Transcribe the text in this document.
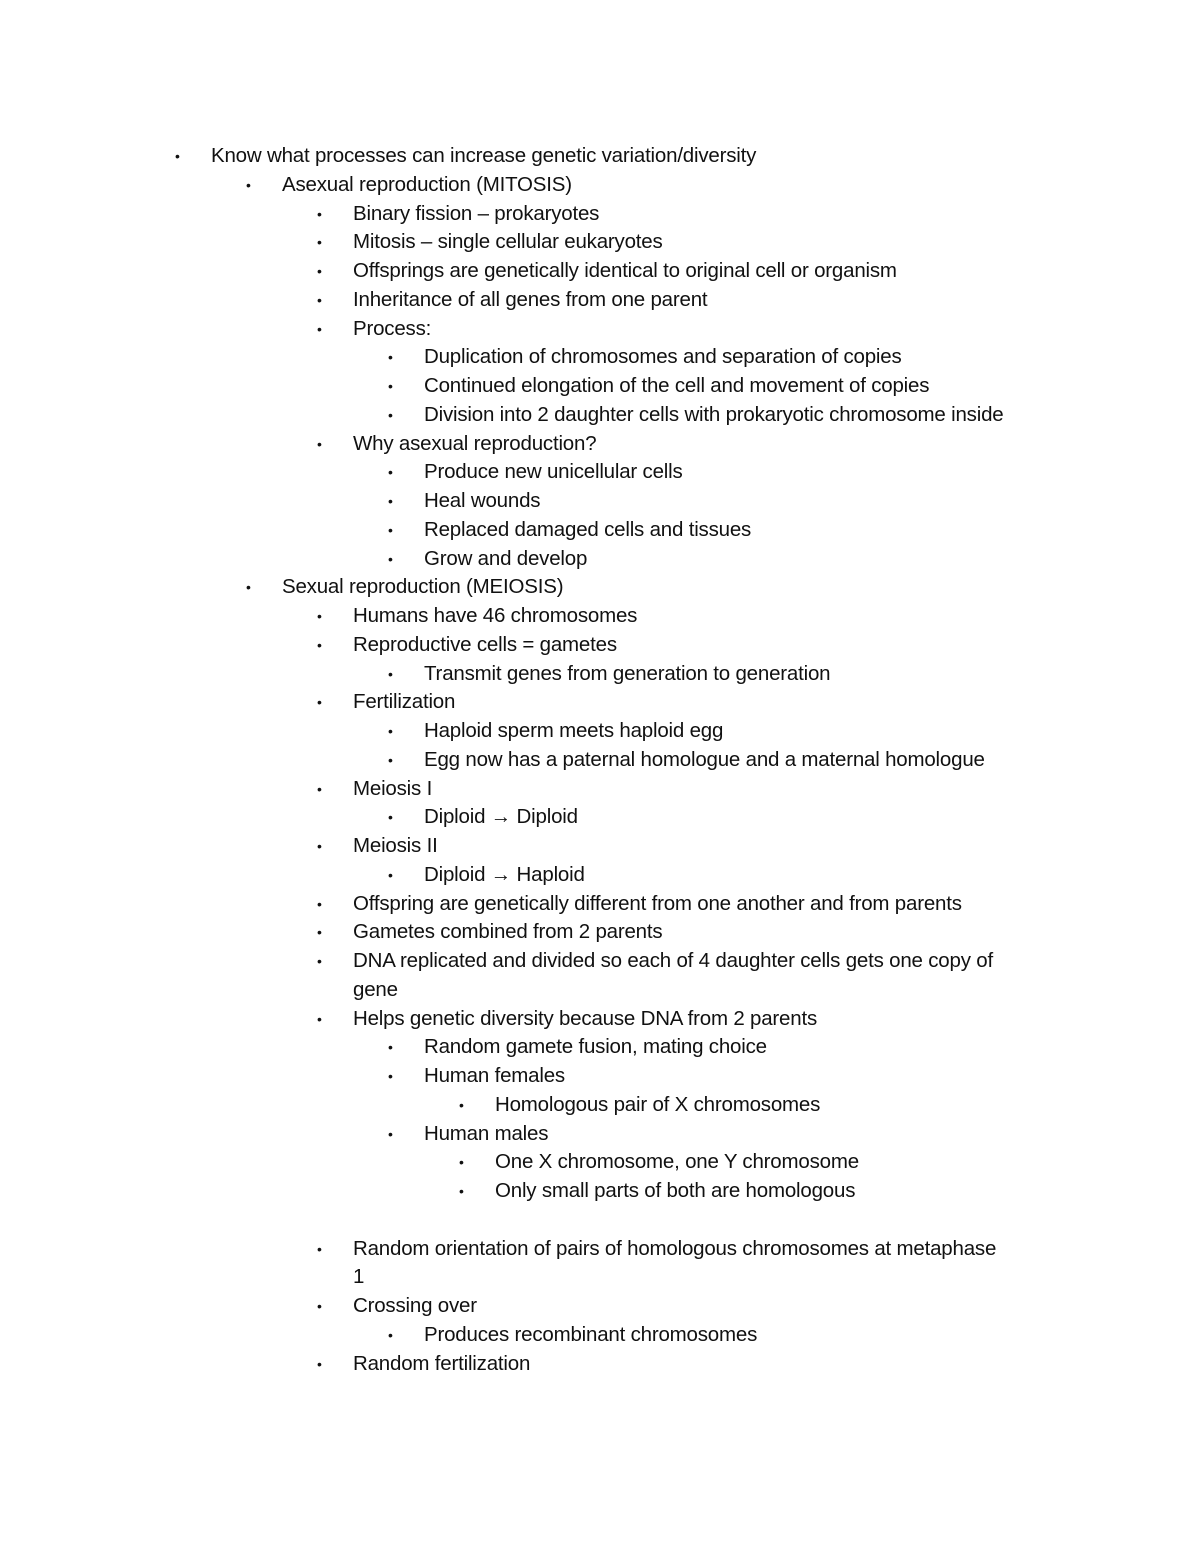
• Know what processes can increase genetic variation/diversity
• Asexual reproduction (MITOSIS)
• Binary fission – prokaryotes
• Mitosis – single cellular eukaryotes
• Offsprings are genetically identical to original cell or organism
• Inheritance of all genes from one parent
• Process:
• Duplication of chromosomes and separation of copies
• Continued elongation of the cell and movement of copies
• Division into 2 daughter cells with prokaryotic chromosome inside
• Why asexual reproduction?
• Produce new unicellular cells
• Heal wounds
• Replaced damaged cells and tissues
• Grow and develop
• Sexual reproduction (MEIOSIS)
• Humans have 46 chromosomes
• Reproductive cells = gametes
• Transmit genes from generation to generation
• Fertilization
• Haploid sperm meets haploid egg
• Egg now has a paternal homologue and a maternal homologue
• Meiosis I
• Diploid → Diploid
• Meiosis II
• Diploid → Haploid
• Offspring are genetically different from one another and from parents
• Gametes combined from 2 parents
• DNA replicated and divided so each of 4 daughter cells gets one copy of
gene
• Helps genetic diversity because DNA from 2 parents
• Random gamete fusion, mating choice
• Human females
• Homologous pair of X chromosomes
• Human males
• One X chromosome, one Y chromosome
• Only small parts of both are homologous
• Random orientation of pairs of homologous chromosomes at metaphase
1
• Crossing over
• Produces recombinant chromosomes
• Random fertilization
